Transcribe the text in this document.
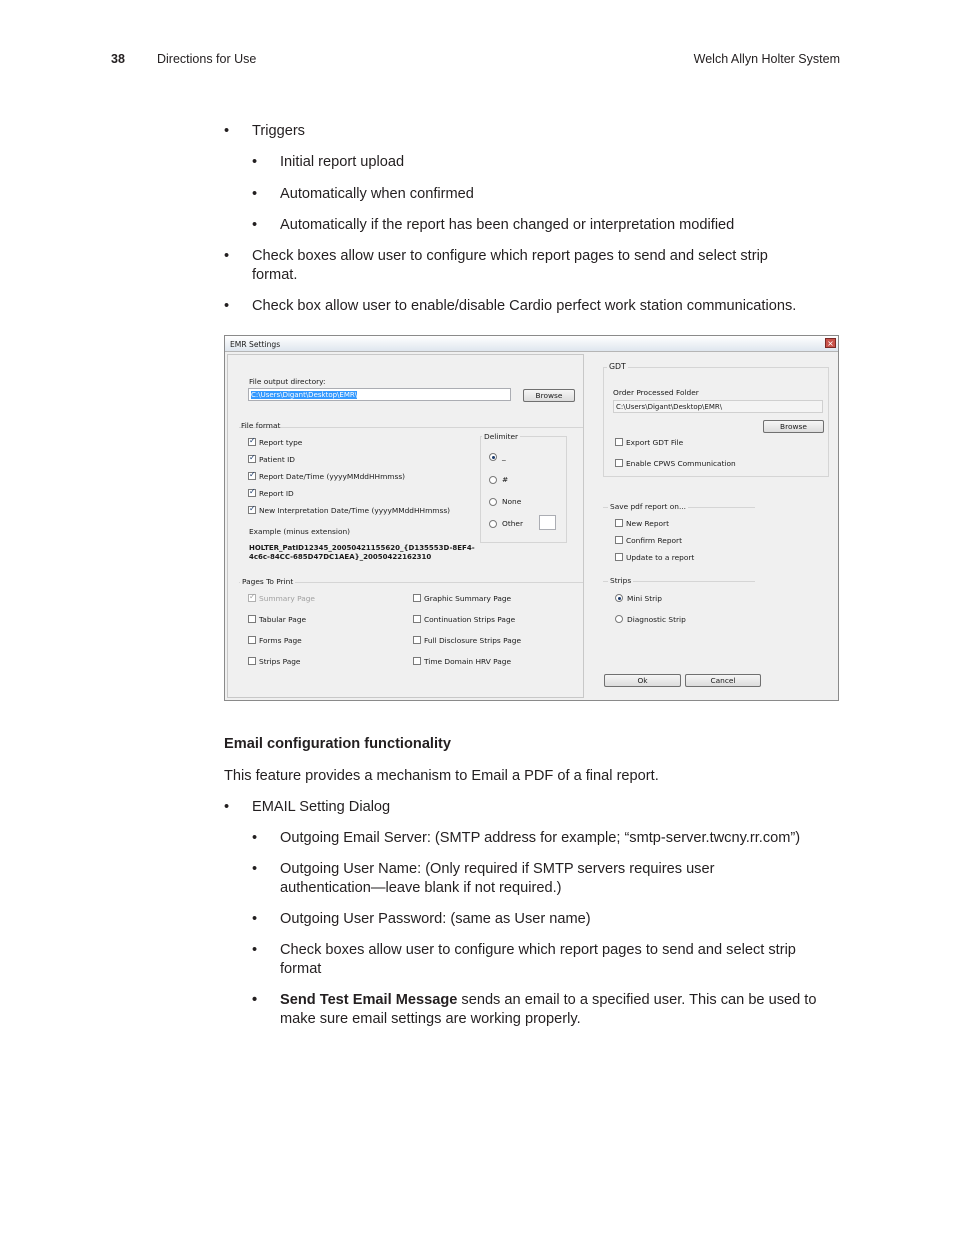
38	Directions for Use	Welch Allyn Holter System
• Triggers
• Initial report upload
• Automatically when confirmed
• Automatically if the report has been changed or interpretation modified
• Check boxes allow user to configure which report pages to send and select strip format.
• Check box allow user to enable/disable Cardio perfect work station communications.
EMR Settings	×
File output directory:
C:\Users\Digant\Desktop\EMR\	Browse
File format
✓
Report type
✓
Patient ID
✓
Report Date/Time (yyyyMMddHHmmss)
✓
Report ID
✓
New Interpretation Date/Time (yyyyMMddHHmmss)
Delimiter
_
#
None
Other
Example (minus extension)
HOLTER_PatID12345_20050421155620_{D135553D-8EF4-
4c6c-84CC-685D47DC1AEA}_20050422162310
Pages To Print
✓
Summary Page
Tabular Page
Forms Page
Strips Page
Graphic Summary Page
Continuation Strips Page
Full Disclosure Strips Page
Time Domain HRV Page
GDT
Order Processed Folder
C:\Users\Digant\Desktop\EMR\
Browse
Export GDT File
Enable CPWS Communication
Save pdf report on...
New Report
Confirm Report
Update to a report
Strips
Mini Strip
Diagnostic Strip
Ok	Cancel
Email configuration functionality
This feature provides a mechanism to Email a PDF of a final report.
• EMAIL Setting Dialog
• Outgoing Email Server: (SMTP address for example; “smtp-server.twcny.rr.com”)
• Outgoing User Name: (Only required if SMTP servers requires user authentication—leave blank if not required.)
• Outgoing User Password: (same as User name)
• Check boxes allow user to configure which report pages to send and select strip format
• Send Test Email Message sends an email to a specified user. This can be used to make sure email settings are working properly.
